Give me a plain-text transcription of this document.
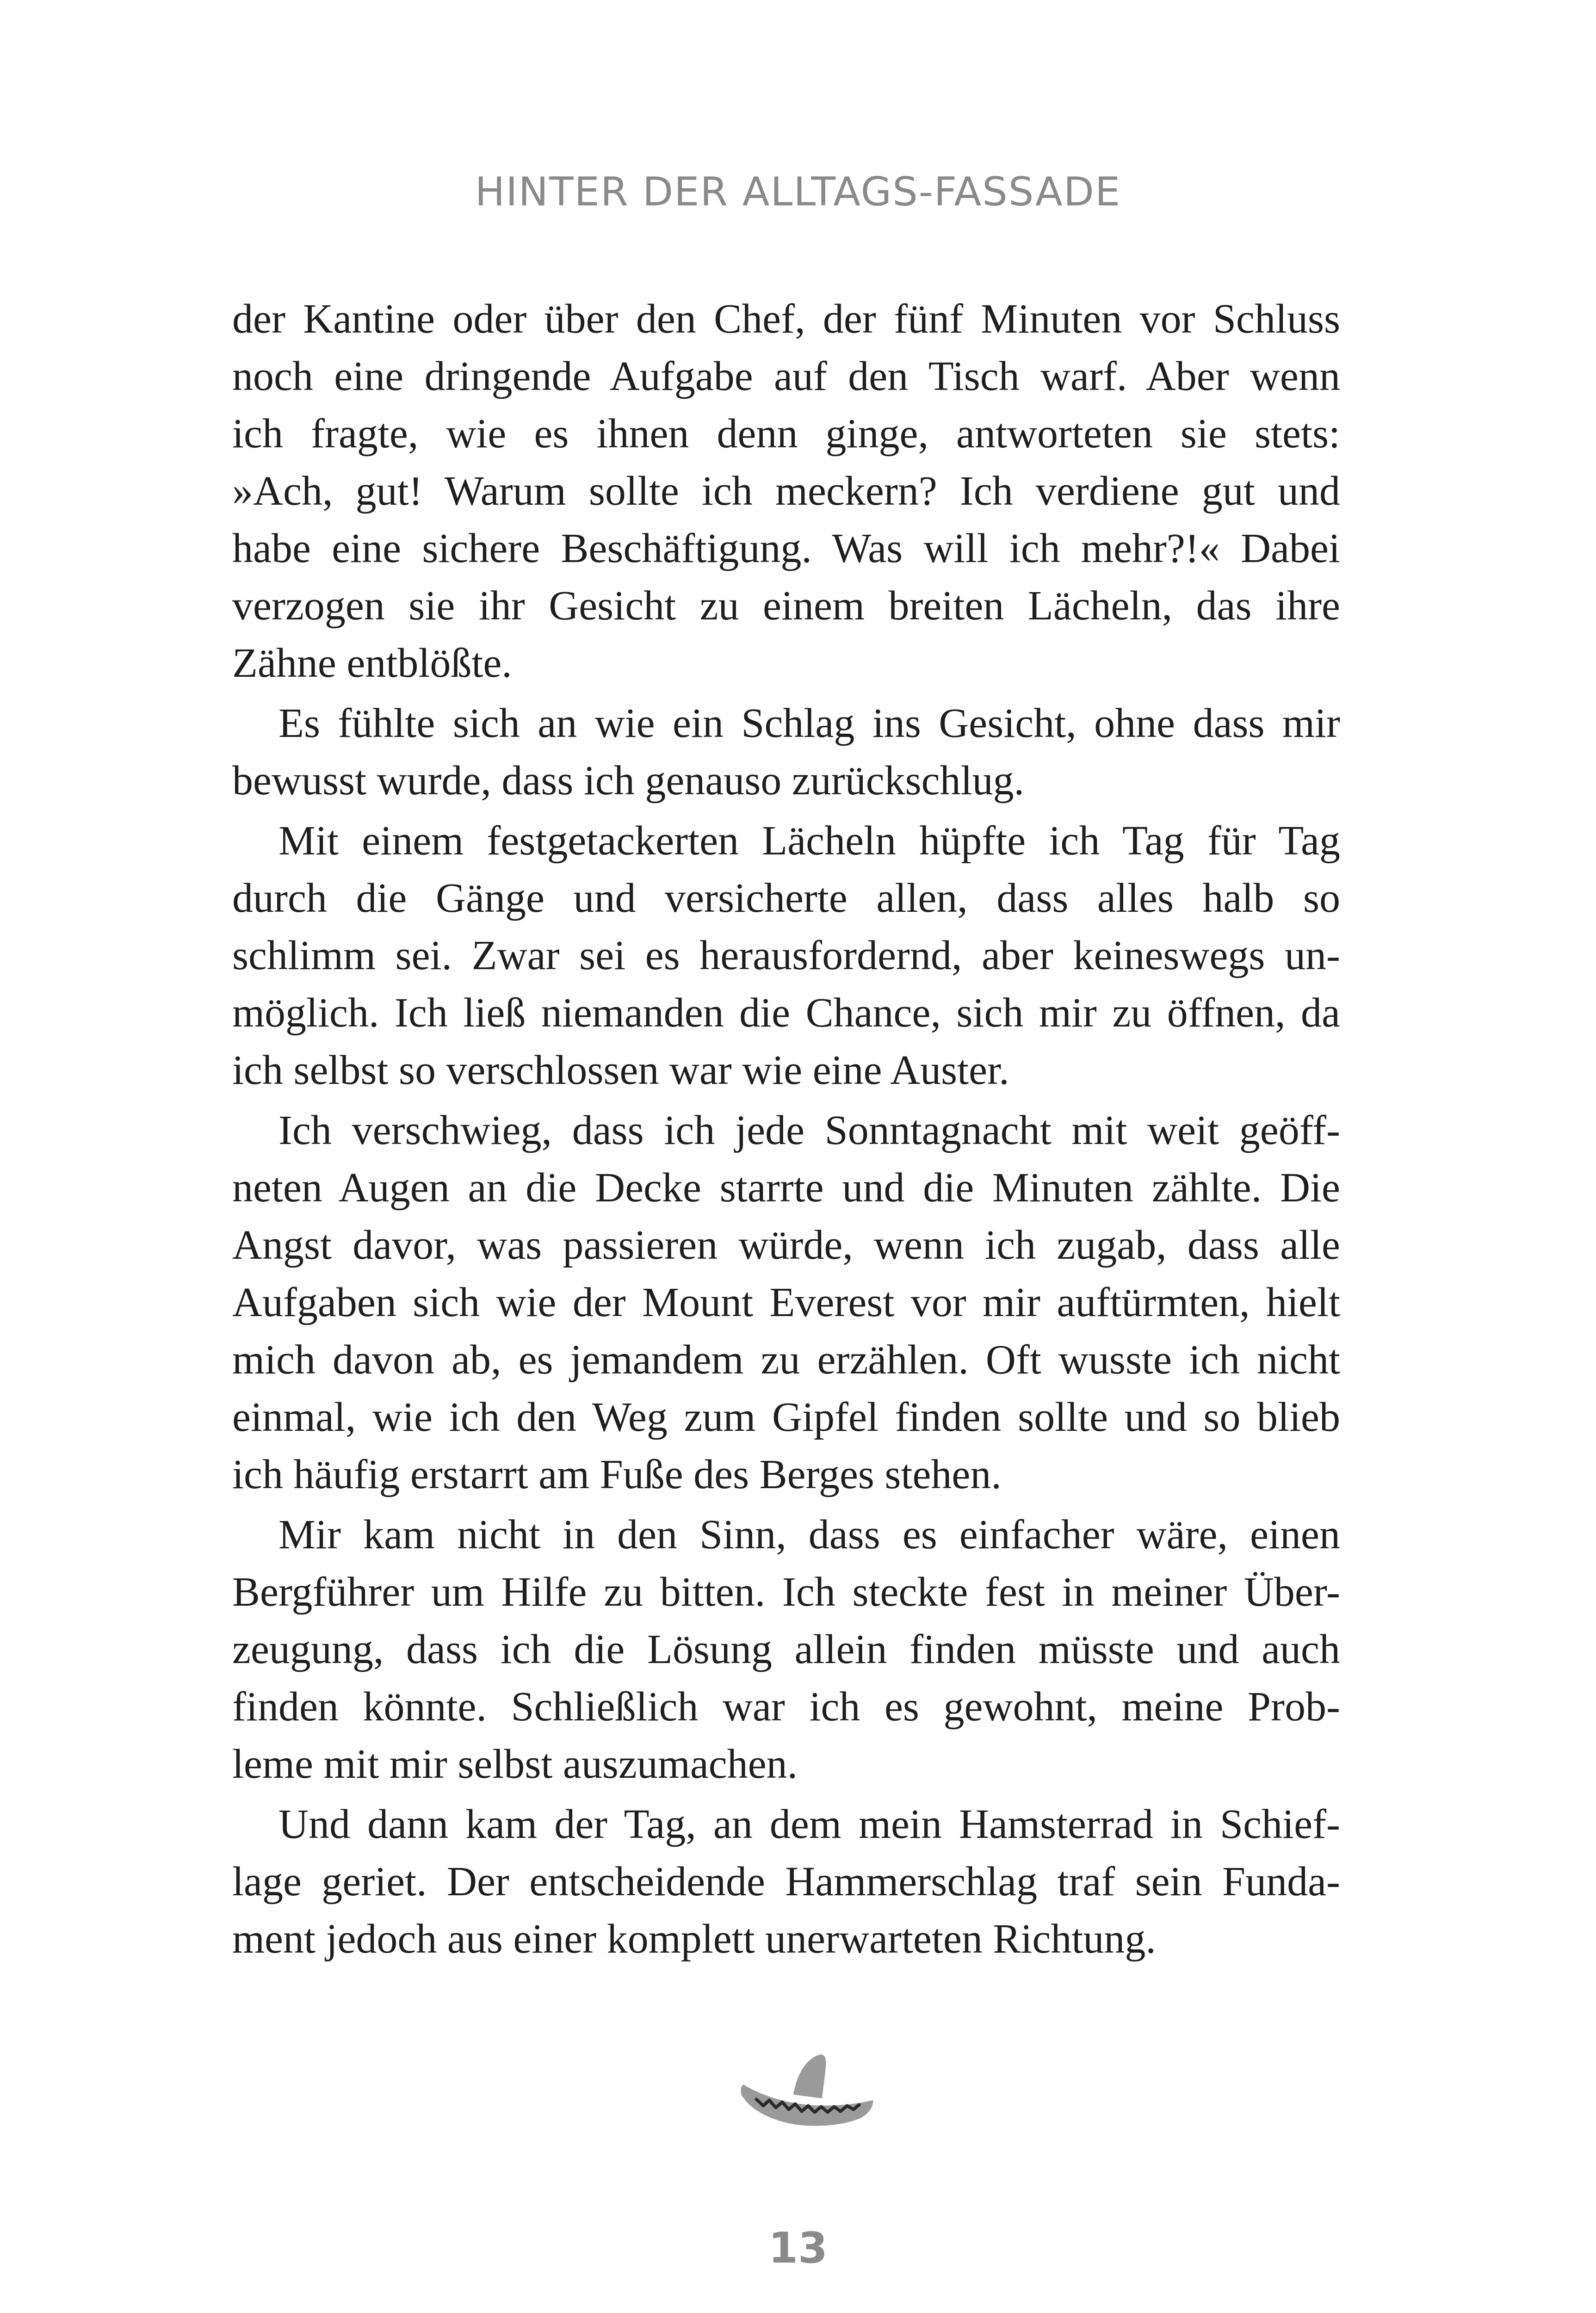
HINTER DER ALLTAGS-FASSADE
der Kantine oder über den Chef, der fünf Minuten vor Schluss
noch eine dringende Aufgabe auf den Tisch warf. Aber wenn
ich fragte, wie es ihnen denn ginge, antworteten sie stets:
»Ach, gut! Warum sollte ich meckern? Ich verdiene gut und
habe eine sichere Beschäftigung. Was will ich mehr?!« Dabei
verzogen sie ihr Gesicht zu einem breiten Lächeln, das ihre
Zähne entblößte.
Es fühlte sich an wie ein Schlag ins Gesicht, ohne dass mir
bewusst wurde, dass ich genauso zurückschlug.
Mit einem festgetackerten Lächeln hüpfte ich Tag für Tag
durch die Gänge und versicherte allen, dass alles halb so
schlimm sei. Zwar sei es herausfordernd, aber keineswegs un-
möglich. Ich ließ niemanden die Chance, sich mir zu öffnen, da
ich selbst so verschlossen war wie eine Auster.
Ich verschwieg, dass ich jede Sonntagnacht mit weit geöff-
neten Augen an die Decke starrte und die Minuten zählte. Die
Angst davor, was passieren würde, wenn ich zugab, dass alle
Aufgaben sich wie der Mount Everest vor mir auftürmten, hielt
mich davon ab, es jemandem zu erzählen. Oft wusste ich nicht
einmal, wie ich den Weg zum Gipfel finden sollte und so blieb
ich häufig erstarrt am Fuße des Berges stehen.
Mir kam nicht in den Sinn, dass es einfacher wäre, einen
Bergführer um Hilfe zu bitten. Ich steckte fest in meiner Über-
zeugung, dass ich die Lösung allein finden müsste und auch
finden könnte. Schließlich war ich es gewohnt, meine Prob-
leme mit mir selbst auszumachen.
Und dann kam der Tag, an dem mein Hamsterrad in Schief-
lage geriet. Der entscheidende Hammerschlag traf sein Funda-
ment jedoch aus einer komplett unerwarteten Richtung.
13
